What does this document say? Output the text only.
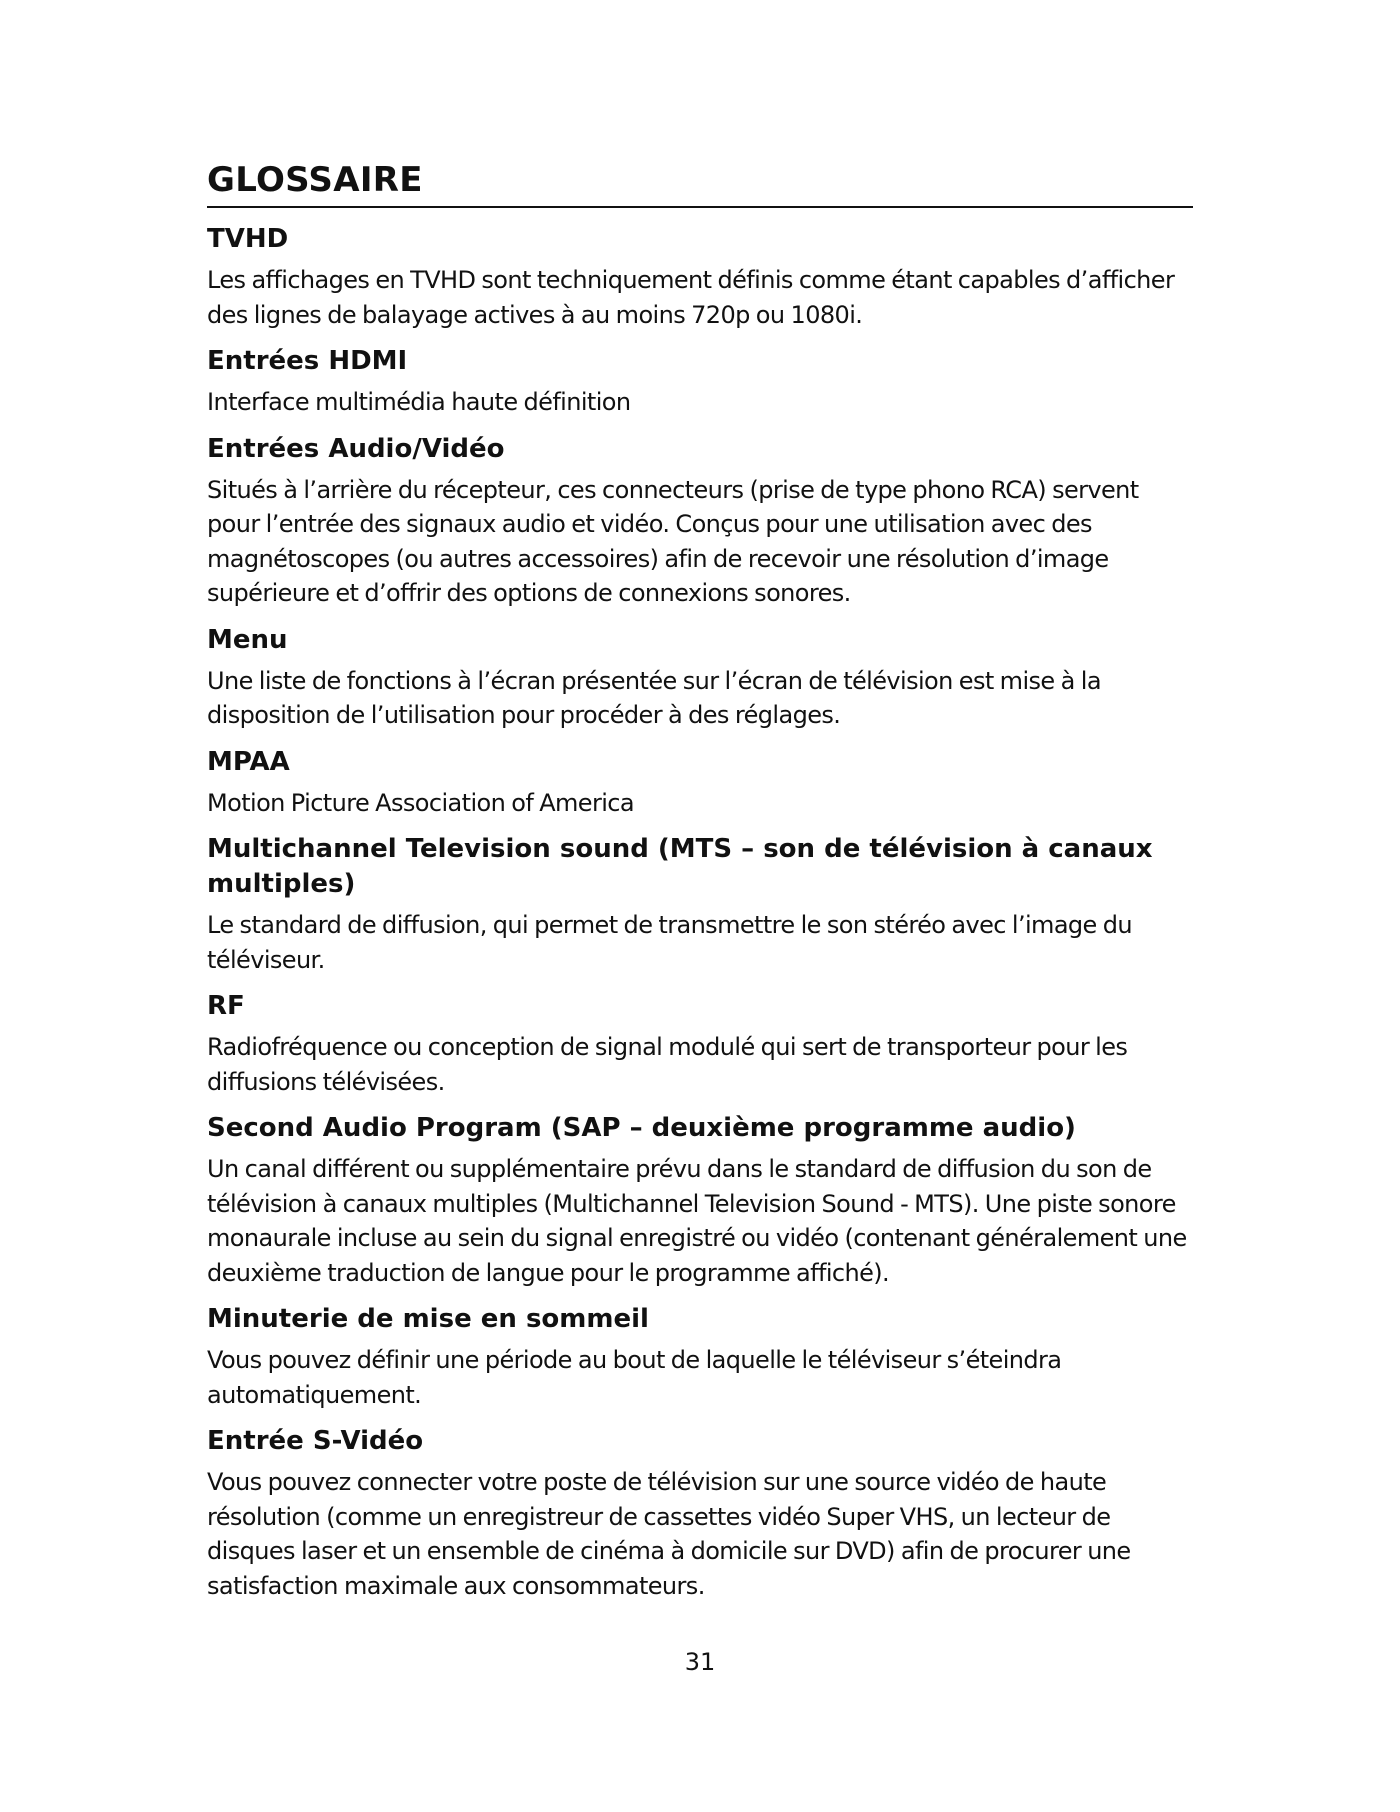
GLOSSAIRE

TVHD

Les affichages en TVHD sont techniquement définis comme étant capables d’afficher des lignes de balayage actives à au moins 720p ou 1080i.

Entrées HDMI

Interface multimédia haute définition

Entrées Audio/Vidéo

Situés à l’arrière du récepteur, ces connecteurs (prise de type phono RCA) servent pour l’entrée des signaux audio et vidéo. Conçus pour une utilisation avec des magnétoscopes (ou autres accessoires) afin de recevoir une résolution d’image supérieure et d’offrir des options de connexions sonores.

Menu

Une liste de fonctions à l’écran présentée sur l’écran de télévision est mise à la disposition de l’utilisation pour procéder à des réglages.

MPAA

Motion Picture Association of America

Multichannel Television sound (MTS – son de télévision à canaux multiples)

Le standard de diffusion, qui permet de transmettre le son stéréo avec l’image du téléviseur.

RF

Radiofréquence ou conception de signal modulé qui sert de transporteur pour les diffusions télévisées.

Second Audio Program (SAP – deuxième programme audio)

Un canal différent ou supplémentaire prévu dans le standard de diffusion du son de télévision à canaux multiples (Multichannel Television Sound - MTS). Une piste sonore monaurale incluse au sein du signal enregistré ou vidéo (contenant généralement une deuxième traduction de langue pour le programme affiché).

Minuterie de mise en sommeil

Vous pouvez définir une période au bout de laquelle le téléviseur s’éteindra automatiquement.

Entrée S-Vidéo

Vous pouvez connecter votre poste de télévision sur une source vidéo de haute résolution (comme un enregistreur de cassettes vidéo Super VHS, un lecteur de disques laser et un ensemble de cinéma à domicile sur DVD) afin de procurer une satisfaction maximale aux consommateurs.

31
